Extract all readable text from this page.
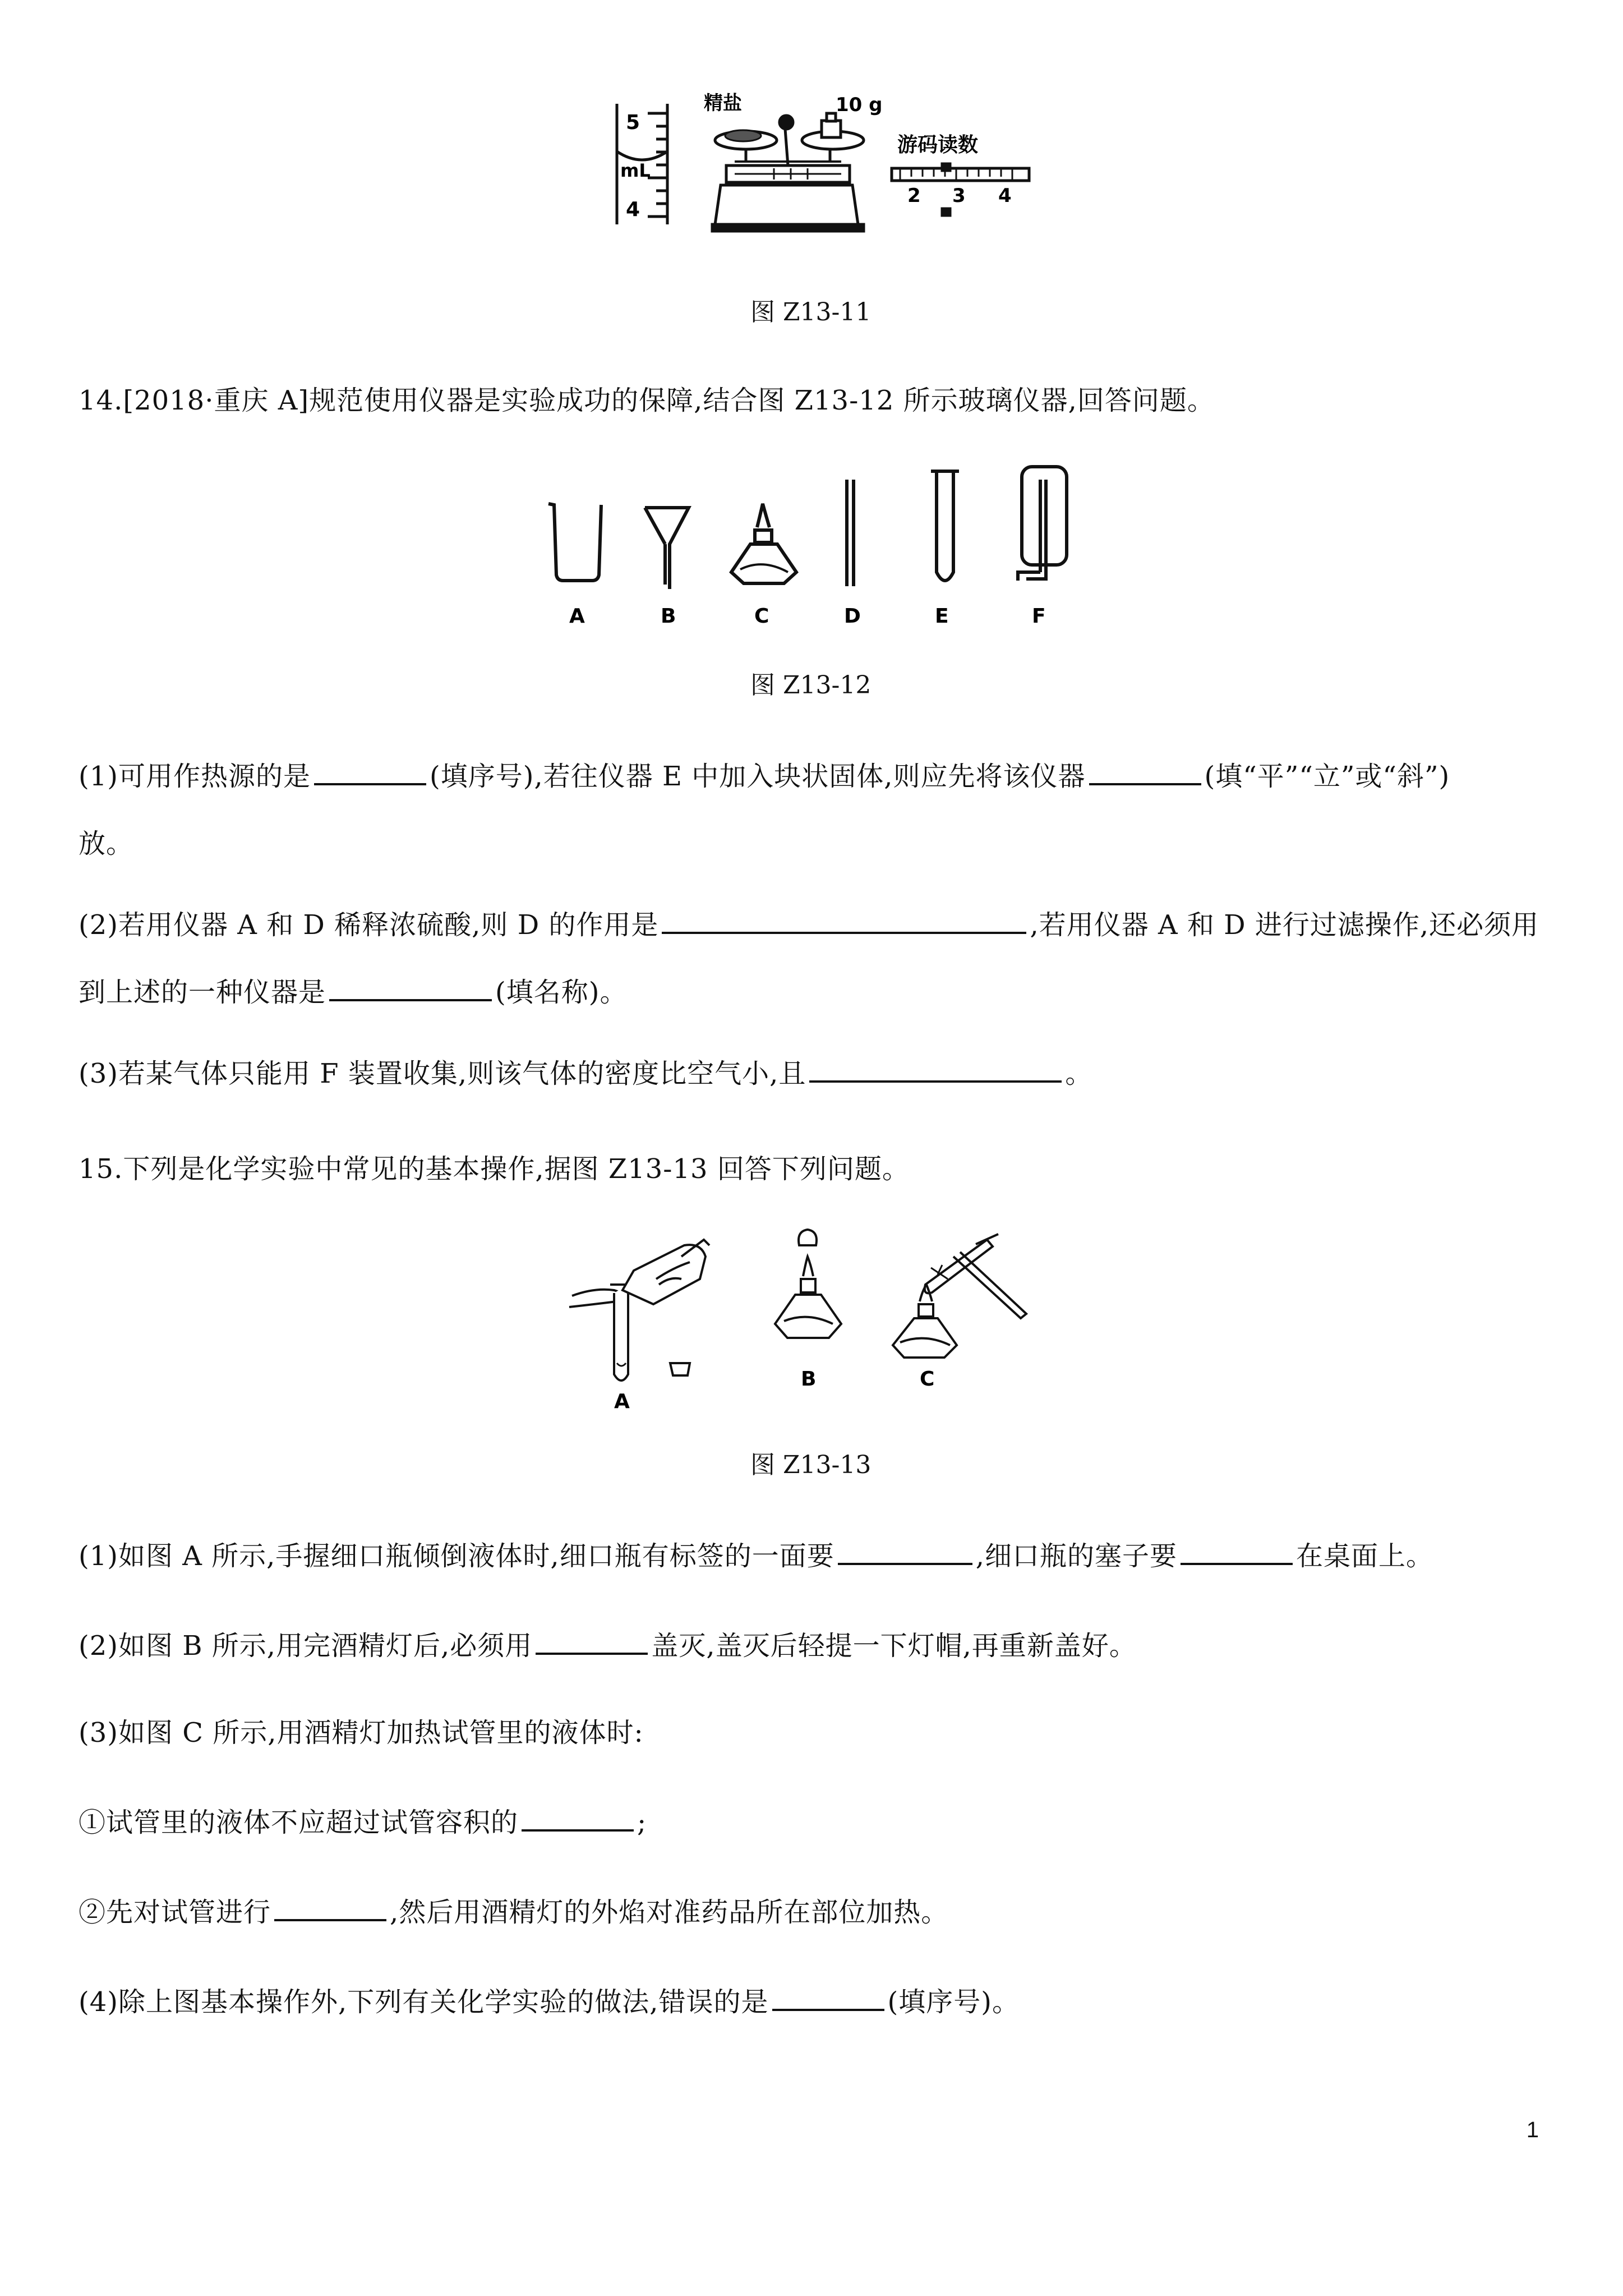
5
mL
4
精盐	10 g
游码读数
2 3 4
图 Z13-11
14.[2018·重庆 A]规范使用仪器是实验成功的保障,结合图 Z13-12 所示玻璃仪器,回答问题。
A	B	C	D	E	F
图 Z13-12
(1)可用作热源的是	(填序号),若往仪器 E 中加入块状固体,则应先将该仪器	(填“平”“立”或“斜”)
放。
(2)若用仪器 A 和 D 稀释浓硫酸,则 D 的作用是	,若用仪器 A 和 D 进行过滤操作,还必须用
到上述的一种仪器是	(填名称)。
(3)若某气体只能用 F 装置收集,则该气体的密度比空气小,且	。
15.下列是化学实验中常见的基本操作,据图 Z13-13 回答下列问题。
A
B	C
图 Z13-13
(1)如图 A 所示,手握细口瓶倾倒液体时,细口瓶有标签的一面要	,细口瓶的塞子要	在桌面上。
(2)如图 B 所示,用完酒精灯后,必须用	盖灭,盖灭后轻提一下灯帽,再重新盖好。
(3)如图 C 所示,用酒精灯加热试管里的液体时:
①试管里的液体不应超过试管容积的	;
②先对试管进行	,然后用酒精灯的外焰对准药品所在部位加热。
(4)除上图基本操作外,下列有关化学实验的做法,错误的是	(填序号)。
1
